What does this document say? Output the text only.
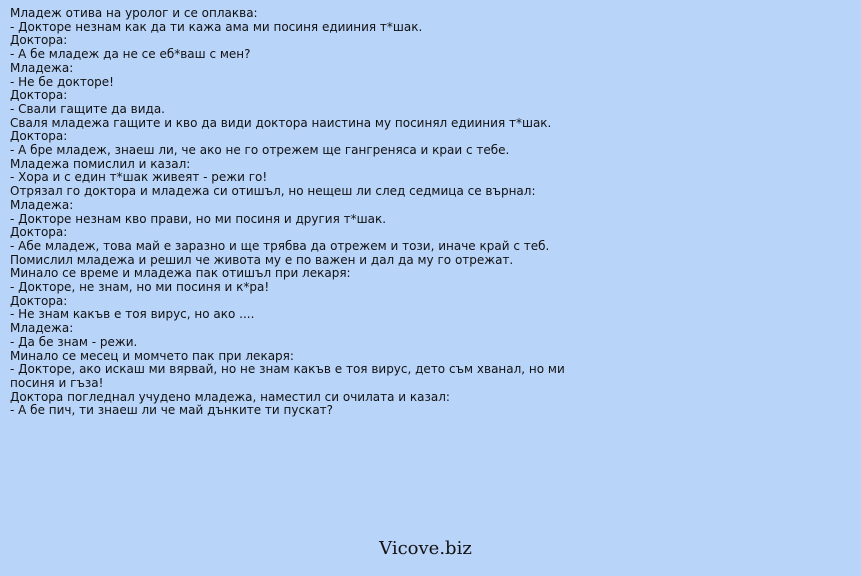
Младеж отива на уролог и се оплаква:
- Докторе незнам как да ти кажа ама ми посиня едииния т*шак.
Доктора:
- А бе младеж да не се еб*ваш с мен?
Младежа:
- Не бе докторе!
Доктора:
- Свали гащите да вида.
Сваля младежа гащите и кво да види доктора наистина му посинял едииния т*шак.
Доктора:
- А бре младеж, знаеш ли, че ако не го отрежем ще гангренясa и краи с тебе.
Младежа помислил и казал:
- Хора и с един т*шак живеят - режи го!
Отрязал го доктора и младежа си отишъл, но нещеш ли след седмица се върнал:
Младежа:
- Докторе незнам кво прави, но ми посиня и другия т*шак.
Доктора:
- Абе младеж, това май е заразно и ще трябва да отрежем и този, иначе край с теб.
Помислил младежа и решил че живота му е по важен и дал да му го отрежат.
Минало се време и младежа пак отишъл при лекаря:
- Докторе, не знам, но ми посиня и к*ра!
Доктора:
- Не знам какъв е тоя вирус, но ако ....
Младежа:
- Да бе знам - режи.
Минало се месец и момчето пак при лекаря:
- Докторе, ако искаш ми вярвай, но не знам какъв е тоя вирус, дето съм хванал, но ми посиня и гъза!
Доктора погледнал учудено младежа, наместил си очилата и казал:
- А бе пич, ти знаеш ли че май дънките ти пускат?
Vicove.biz
